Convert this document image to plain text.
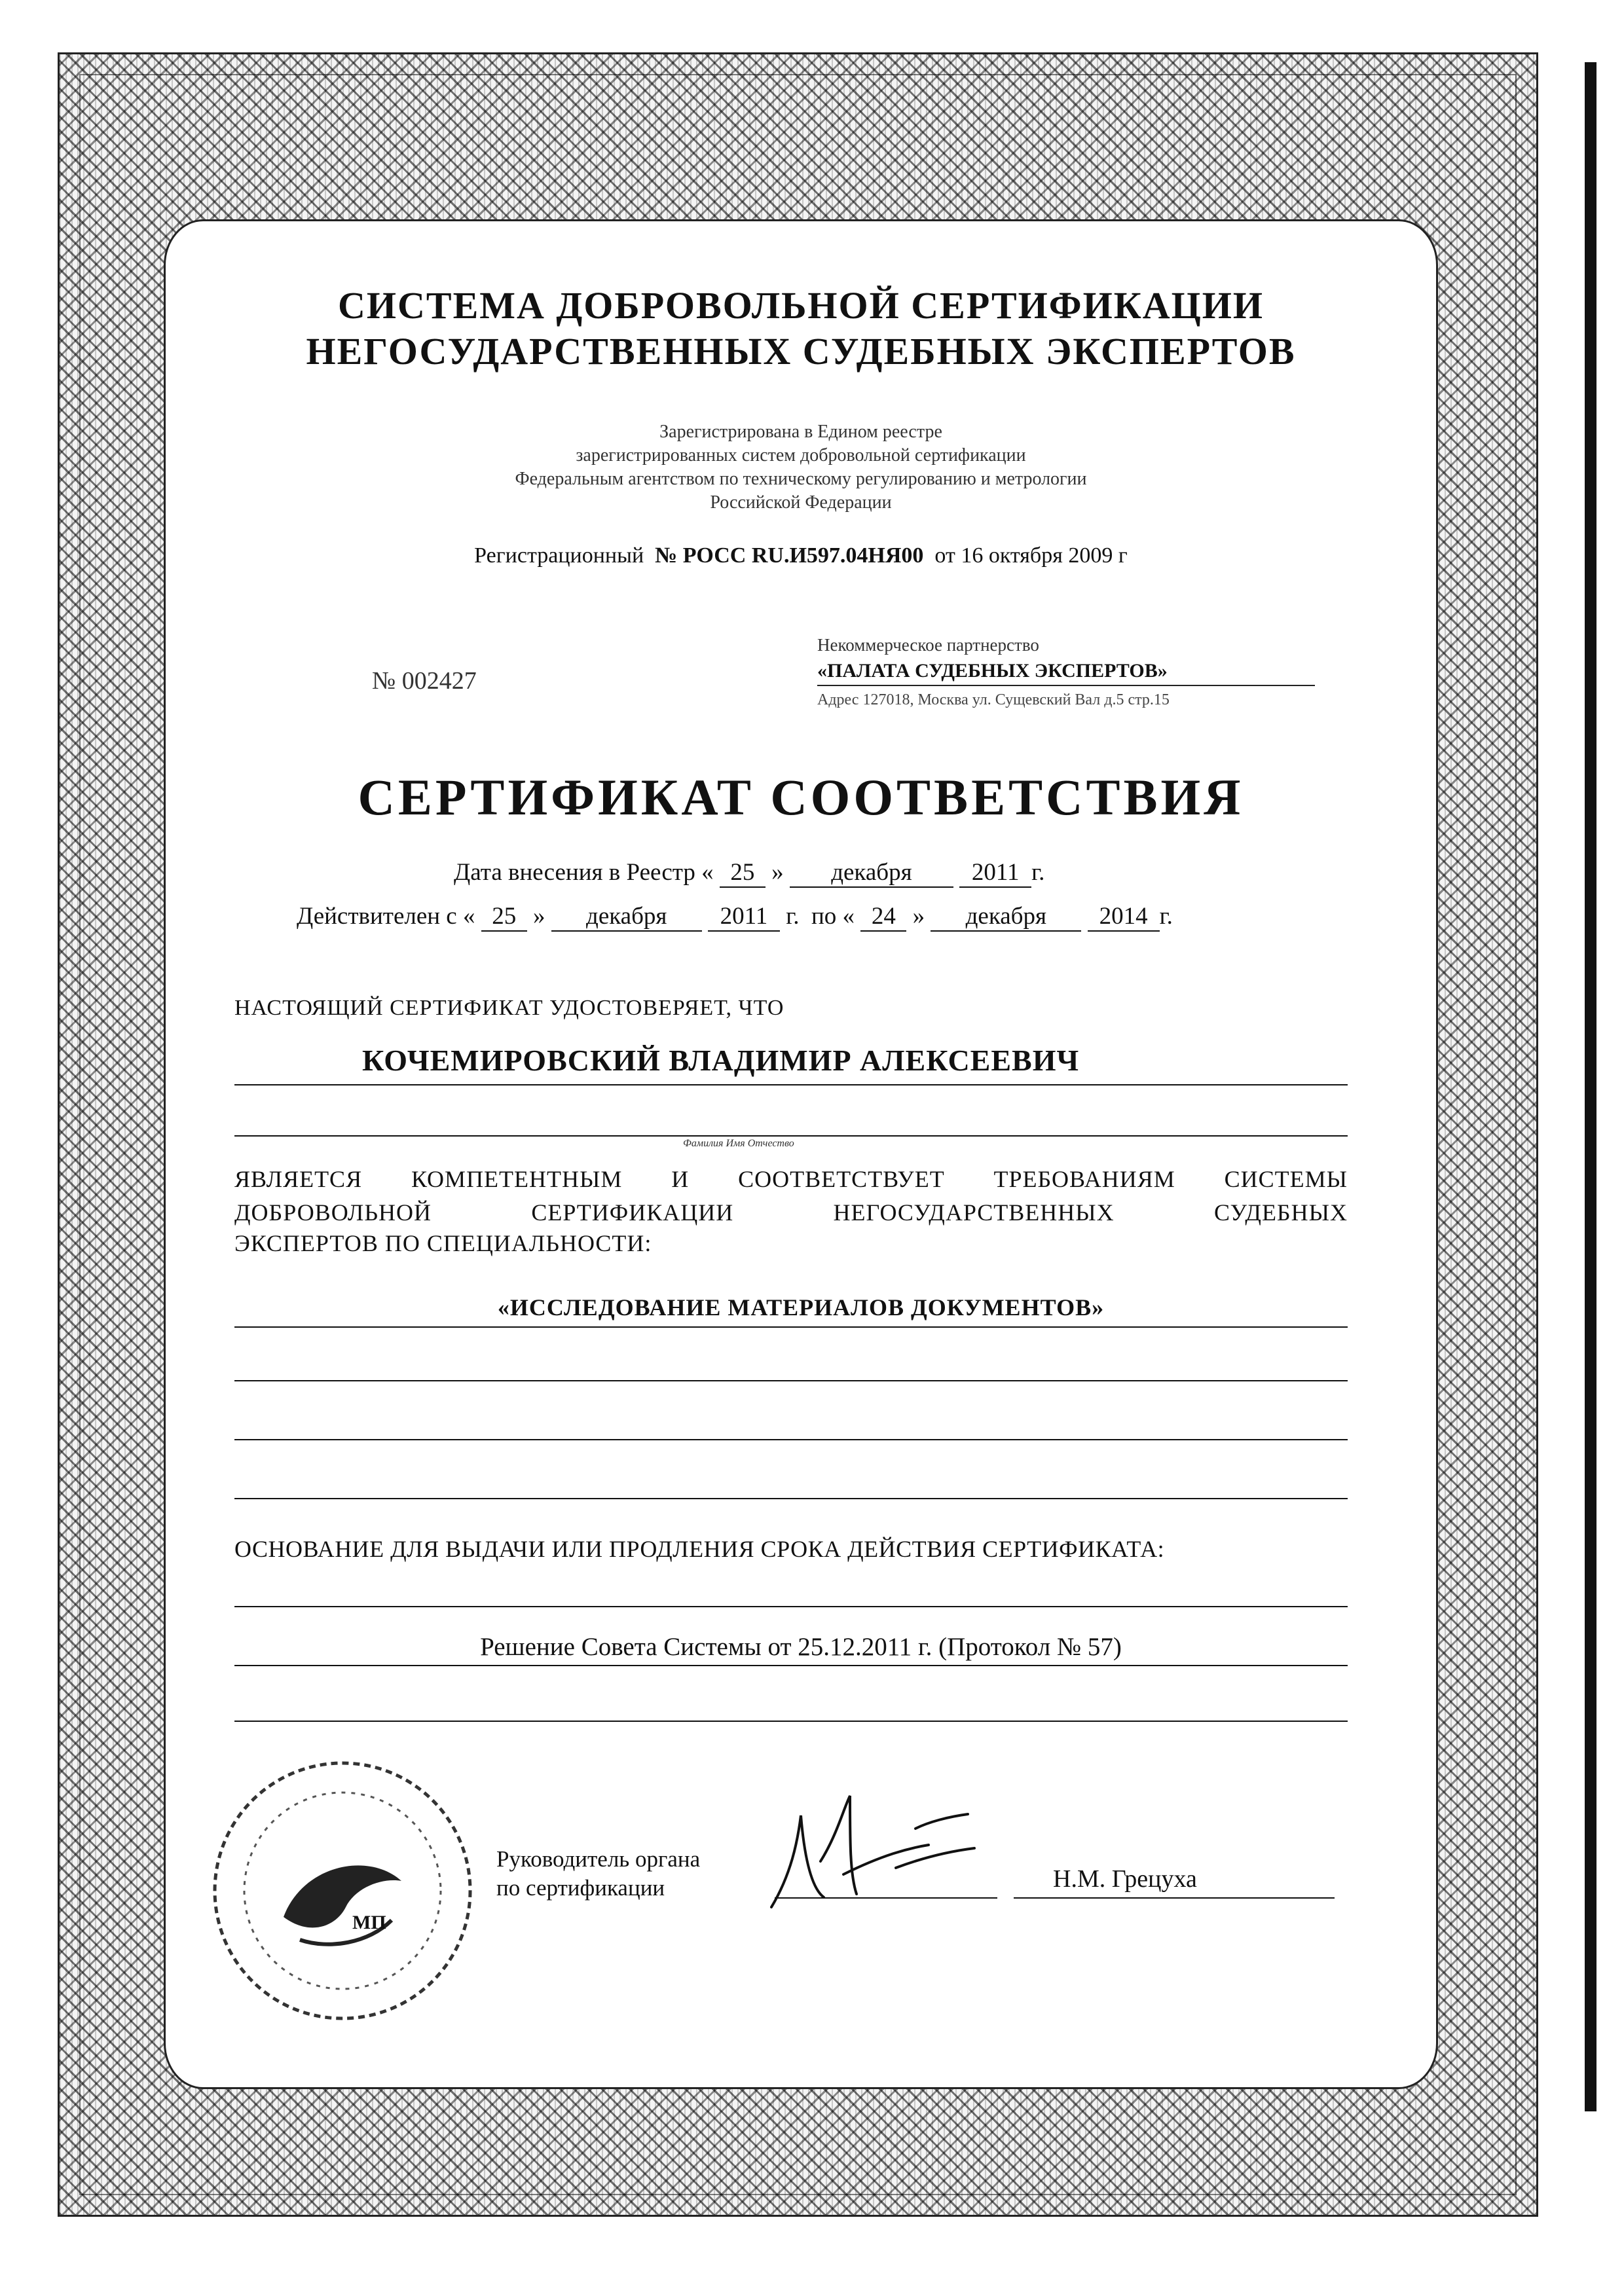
СИСТЕМА ДОБРОВОЛЬНОЙ СЕРТИФИКАЦИИ
НЕГОСУДАРСТВЕННЫХ СУДЕБНЫХ ЭКСПЕРТОВ
Зарегистрирована в Едином реестре
зарегистрированных систем добровольной сертификации
Федеральным агентством по техническому регулированию и метрологии
Российской Федерации
Регистрационный № РОСС RU.И597.04НЯ00 от 16 октября 2009 г
№ 002427
Некоммерческое партнерство
«ПАЛАТА СУДЕБНЫХ ЭКСПЕРТОВ»
Адрес 127018, Москва ул. Сущевский Вал д.5 стр.15
СЕРТИФИКАТ СООТВЕТСТВИЯ
Дата внесения в Реестр « 25 » декабря 2011 г.
Действителен с « 25 » декабря 2011 г. по « 24 » декабря 2014 г.
НАСТОЯЩИЙ СЕРТИФИКАТ УДОСТОВЕРЯЕТ, ЧТО
КОЧЕМИРОВСКИЙ ВЛАДИМИР АЛЕКСЕЕВИЧ
Фамилия Имя Отчество
ЯВЛЯЕТСЯ КОМПЕТЕНТНЫМ И СООТВЕТСТВУЕТ ТРЕБОВАНИЯМ СИСТЕМЫ
ДОБРОВОЛЬНОЙ СЕРТИФИКАЦИИ НЕГОСУДАРСТВЕННЫХ СУДЕБНЫХ
ЭКСПЕРТОВ ПО СПЕЦИАЛЬНОСТИ:
«ИССЛЕДОВАНИЕ МАТЕРИАЛОВ ДОКУМЕНТОВ»
ОСНОВАНИЕ ДЛЯ ВЫДАЧИ ИЛИ ПРОДЛЕНИЯ СРОКА ДЕЙСТВИЯ СЕРТИФИКАТА:
Решение Совета Системы от 25.12.2011 г. (Протокол № 57)
МП
Руководитель органа
по сертификации	Н.М. Грецуха
